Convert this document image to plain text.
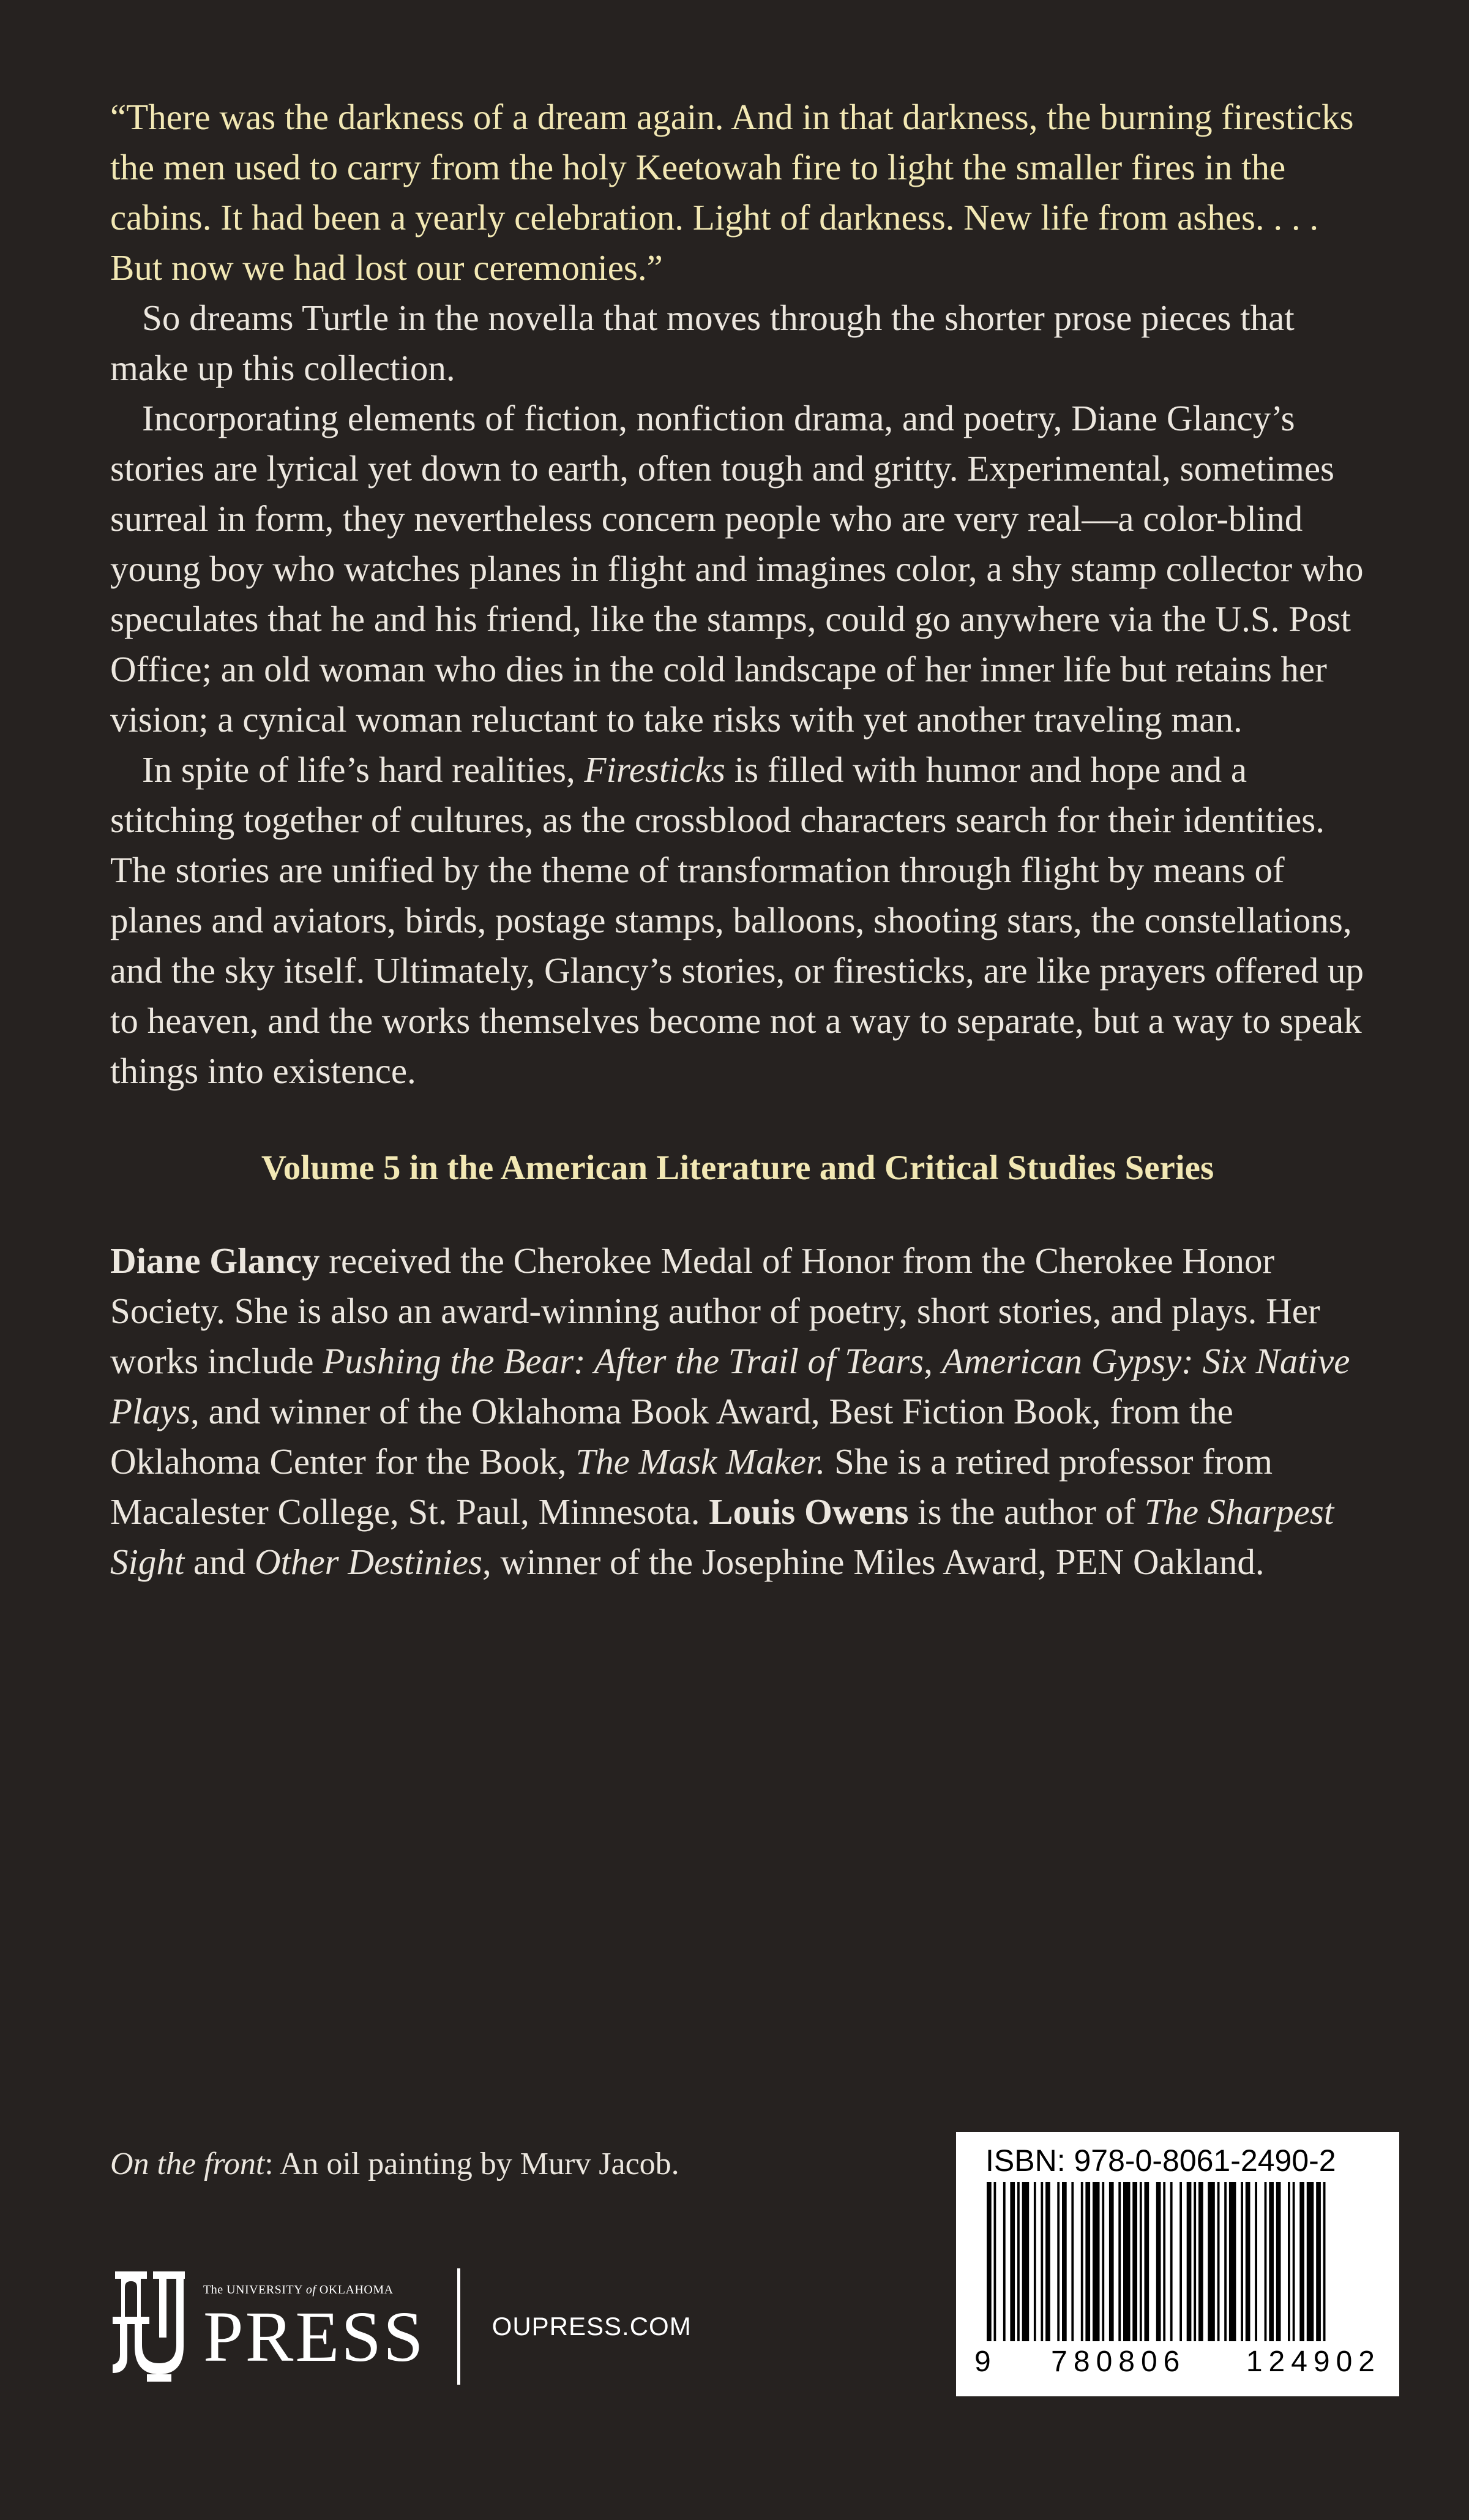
“There was the darkness of a dream again. And in that darkness, the burning firesticks the men used to carry from the holy Keetowah fire to light the smaller fires in the cabins. It had been a yearly celebration. Light of darkness. New life from ashes. . . . But now we had lost our ceremonies.”

So dreams Turtle in the novella that moves through the shorter prose pieces that make up this collection.

Incorporating elements of fiction, nonfiction drama, and poetry, Diane Glancy’s stories are lyrical yet down to earth, often tough and gritty. Experimental, sometimes surreal in form, they nevertheless concern people who are very real—a color-blind young boy who watches planes in flight and imagines color, a shy stamp collector who speculates that he and his friend, like the stamps, could go anywhere via the U.S. Post Office; an old woman who dies in the cold landscape of her inner life but retains her vision; a cynical woman reluctant to take risks with yet another traveling man.

In spite of life’s hard realities, Firesticks is filled with humor and hope and a stitching together of cultures, as the crossblood characters search for their identities. The stories are unified by the theme of transformation through flight by means of planes and aviators, birds, postage stamps, balloons, shooting stars, the constellations, and the sky itself. Ultimately, Glancy’s stories, or firesticks, are like prayers offered up to heaven, and the works themselves become not a way to separate, but a way to speak things into existence.

Volume 5 in the American Literature and Critical Studies Series

Diane Glancy received the Cherokee Medal of Honor from the Cherokee Honor Society. She is also an award-winning author of poetry, short stories, and plays. Her works include Pushing the Bear: After the Trail of Tears, American Gypsy: Six Native Plays, and winner of the Oklahoma Book Award, Best Fiction Book, from the Oklahoma Center for the Book, The Mask Maker. She is a retired professor from Macalester College, St. Paul, Minnesota. Louis Owens is the author of The Sharpest Sight and Other Destinies, winner of the Josephine Miles Award, PEN Oakland.

On the front: An oil painting by Murv Jacob.
The UNIVERSITY of OKLAHOMA
PRESS	OUPRESS.COM
ISBN: 978-0-8061-2490-2
9 780806 124902
